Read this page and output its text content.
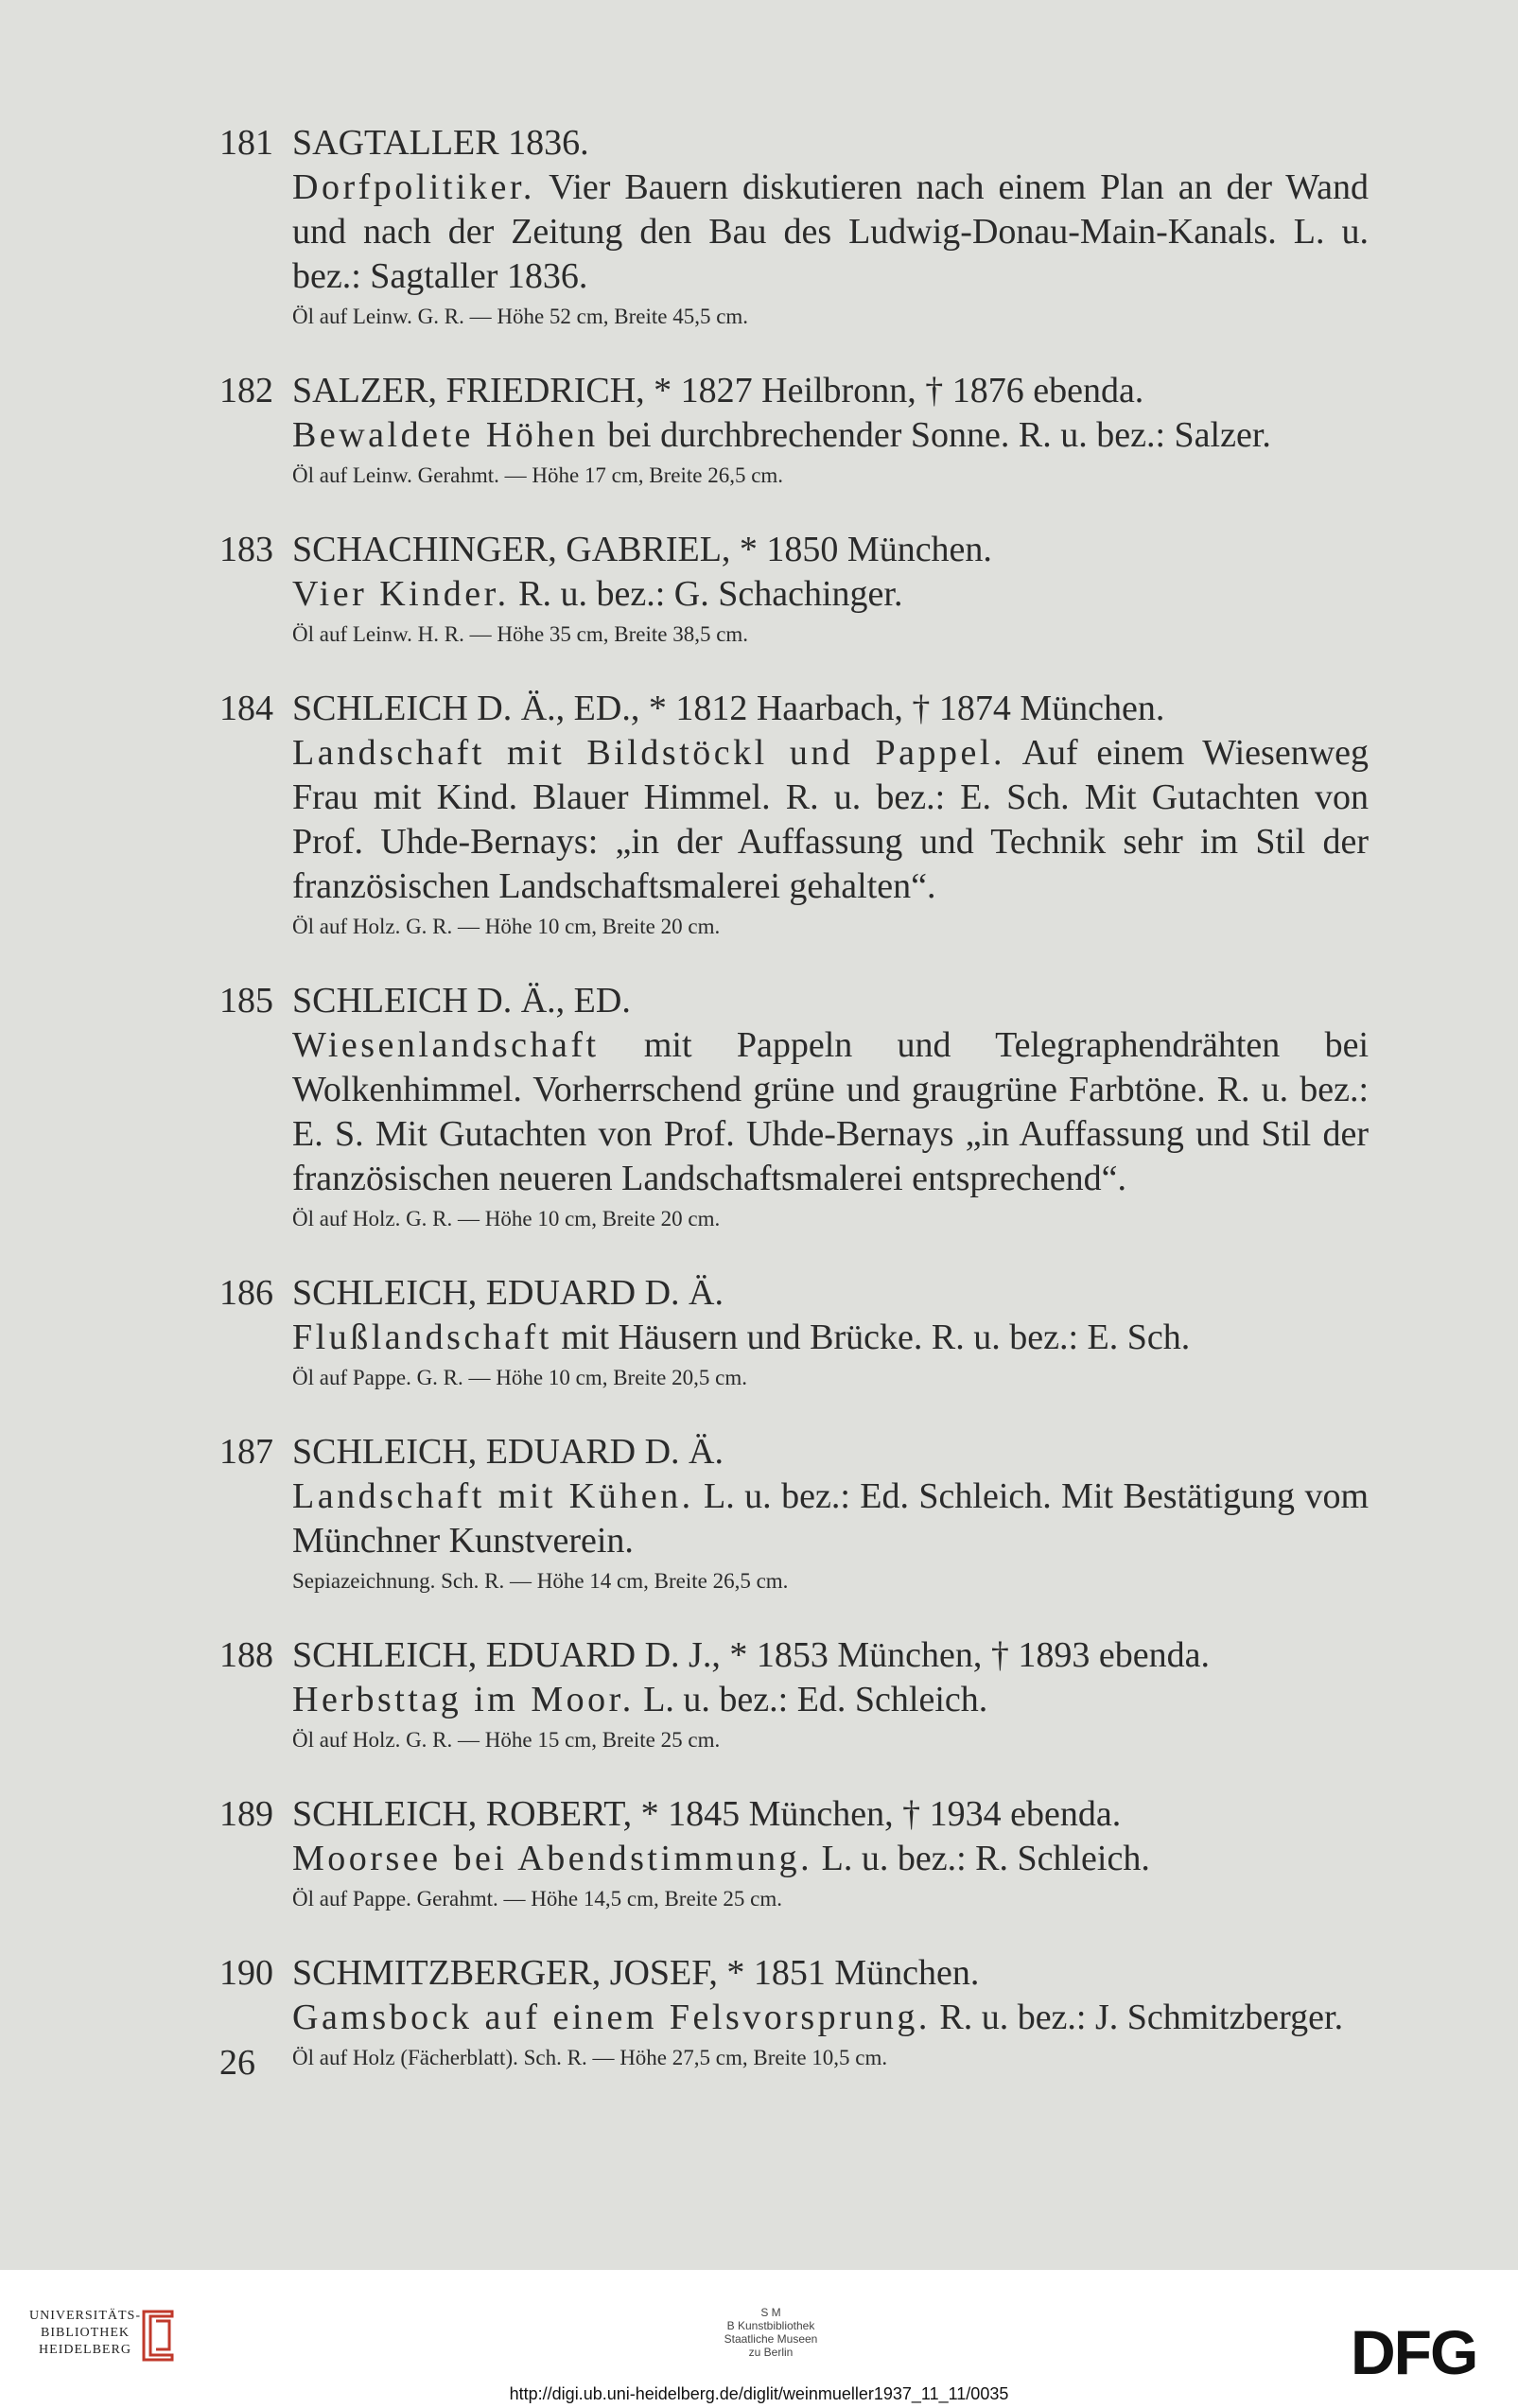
181 SAGTALLER 1836.
Dorfpolitiker. Vier Bauern diskutieren nach einem Plan an der Wand und nach der Zeitung den Bau des Ludwig-Donau-Main-Kanals. L. u. bez.: Sagtaller 1836.
Öl auf Leinw. G. R. — Höhe 52 cm, Breite 45,5 cm.
182 SALZER, FRIEDRICH, * 1827 Heilbronn, † 1876 ebenda.
Bewaldete Höhen bei durchbrechender Sonne. R. u. bez.: Salzer.
Öl auf Leinw. Gerahmt. — Höhe 17 cm, Breite 26,5 cm.
183 SCHACHINGER, GABRIEL, * 1850 München.
Vier Kinder. R. u. bez.: G. Schachinger.
Öl auf Leinw. H. R. — Höhe 35 cm, Breite 38,5 cm.
184 SCHLEICH D. Ä., ED., * 1812 Haarbach, † 1874 München.
Landschaft mit Bildstöckl und Pappel. Auf einem Wiesenweg Frau mit Kind. Blauer Himmel. R. u. bez.: E. Sch. Mit Gutachten von Prof. Uhde-Bernays: „in der Auffassung und Technik sehr im Stil der französischen Landschaftsmalerei gehalten“.
Öl auf Holz. G. R. — Höhe 10 cm, Breite 20 cm.
185 SCHLEICH D. Ä., ED.
Wiesenlandschaft mit Pappeln und Telegraphendrähten bei Wolkenhimmel. Vorherrschend grüne und graugrüne Farbtöne. R. u. bez.: E. S. Mit Gutachten von Prof. Uhde-Bernays „in Auffassung und Stil der französischen neueren Landschaftsmalerei entsprechend“.
Öl auf Holz. G. R. — Höhe 10 cm, Breite 20 cm.
186 SCHLEICH, EDUARD D. Ä.
Flußlandschaft mit Häusern und Brücke. R. u. bez.: E. Sch.
Öl auf Pappe. G. R. — Höhe 10 cm, Breite 20,5 cm.
187 SCHLEICH, EDUARD D. Ä.
Landschaft mit Kühen. L. u. bez.: Ed. Schleich. Mit Bestätigung vom Münchner Kunstverein.
Sepiazeichnung. Sch. R. — Höhe 14 cm, Breite 26,5 cm.
188 SCHLEICH, EDUARD D. J., * 1853 München, † 1893 ebenda.
Herbsttag im Moor. L. u. bez.: Ed. Schleich.
Öl auf Holz. G. R. — Höhe 15 cm, Breite 25 cm.
189 SCHLEICH, ROBERT, * 1845 München, † 1934 ebenda.
Moorsee bei Abendstimmung. L. u. bez.: R. Schleich.
Öl auf Pappe. Gerahmt. — Höhe 14,5 cm, Breite 25 cm.
190 SCHMITZBERGER, JOSEF, * 1851 München.
Gamsbock auf einem Felsvorsprung. R. u. bez.: J. Schmitzberger.
Öl auf Holz (Fächerblatt). Sch. R. — Höhe 27,5 cm, Breite 10,5 cm.
26
UNIVERSITÄTS-
BIBLIOTHEK
HEIDELBERG
S M
B Kunstbibliothek
Staatliche Museen
zu Berlin	DFG
http://digi.ub.uni-heidelberg.de/diglit/weinmueller1937_11_11/0035
